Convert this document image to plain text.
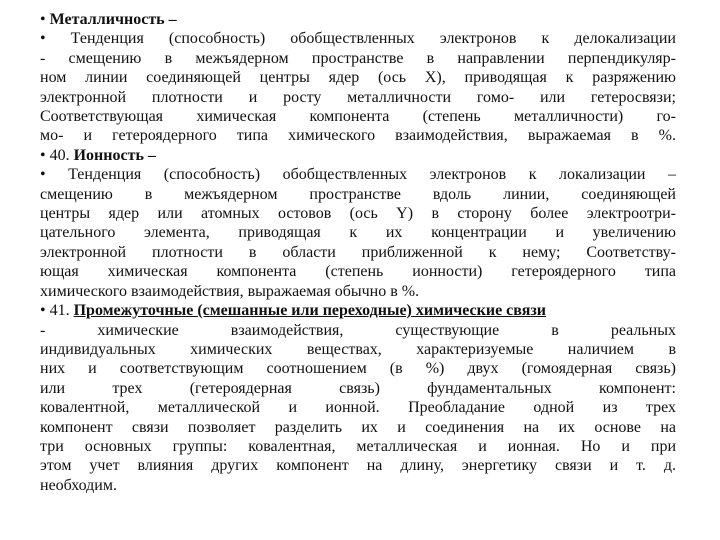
• Металличность –
• Тенденция (способность) обобществленных электронов к делокализации
- смещению в межъядерном пространстве в направлении перпендикуляр-
ном линии соединяющей центры ядер (ось X), приводящая к разряжению
электронной плотности и росту металличности гомо- или гетеросвязи;
Соответствующая химическая компонента (степень металличности) го-
мо- и гетероядерного типа химического взаимодействия, выражаемая в %.
• 40. Ионность –
• Тенденция (способность) обобществленных электронов к локализации –
смещению в межъядерном пространстве вдоль линии, соединяющей
центры ядер или атомных остовов (ось Y) в сторону более электроотри-
цательного элемента, приводящая к их концентрации и увеличению
электронной плотности в области приближенной к нему; Соответству-
ющая химическая компонента (степень ионности) гетероядерного типа
химического взаимодействия, выражаемая обычно в %.
• 41. Промежуточные (смешанные или переходные) химические связи
- химические взаимодействия, существующие в реальных
индивидуальных химических веществах, характеризуемые наличием в
них и соответствующим соотношением (в %) двух (гомоядерная связь)
или трех (гетероядерная связь) фундаментальных компонент:
ковалентной, металлической и ионной. Преобладание одной из трех
компонент связи позволяет разделить их и соединения на их основе на
три основных группы: ковалентная, металлическая и ионная. Но и при
этом учет влияния других компонент на длину, энергетику связи и т. д.
необходим.
